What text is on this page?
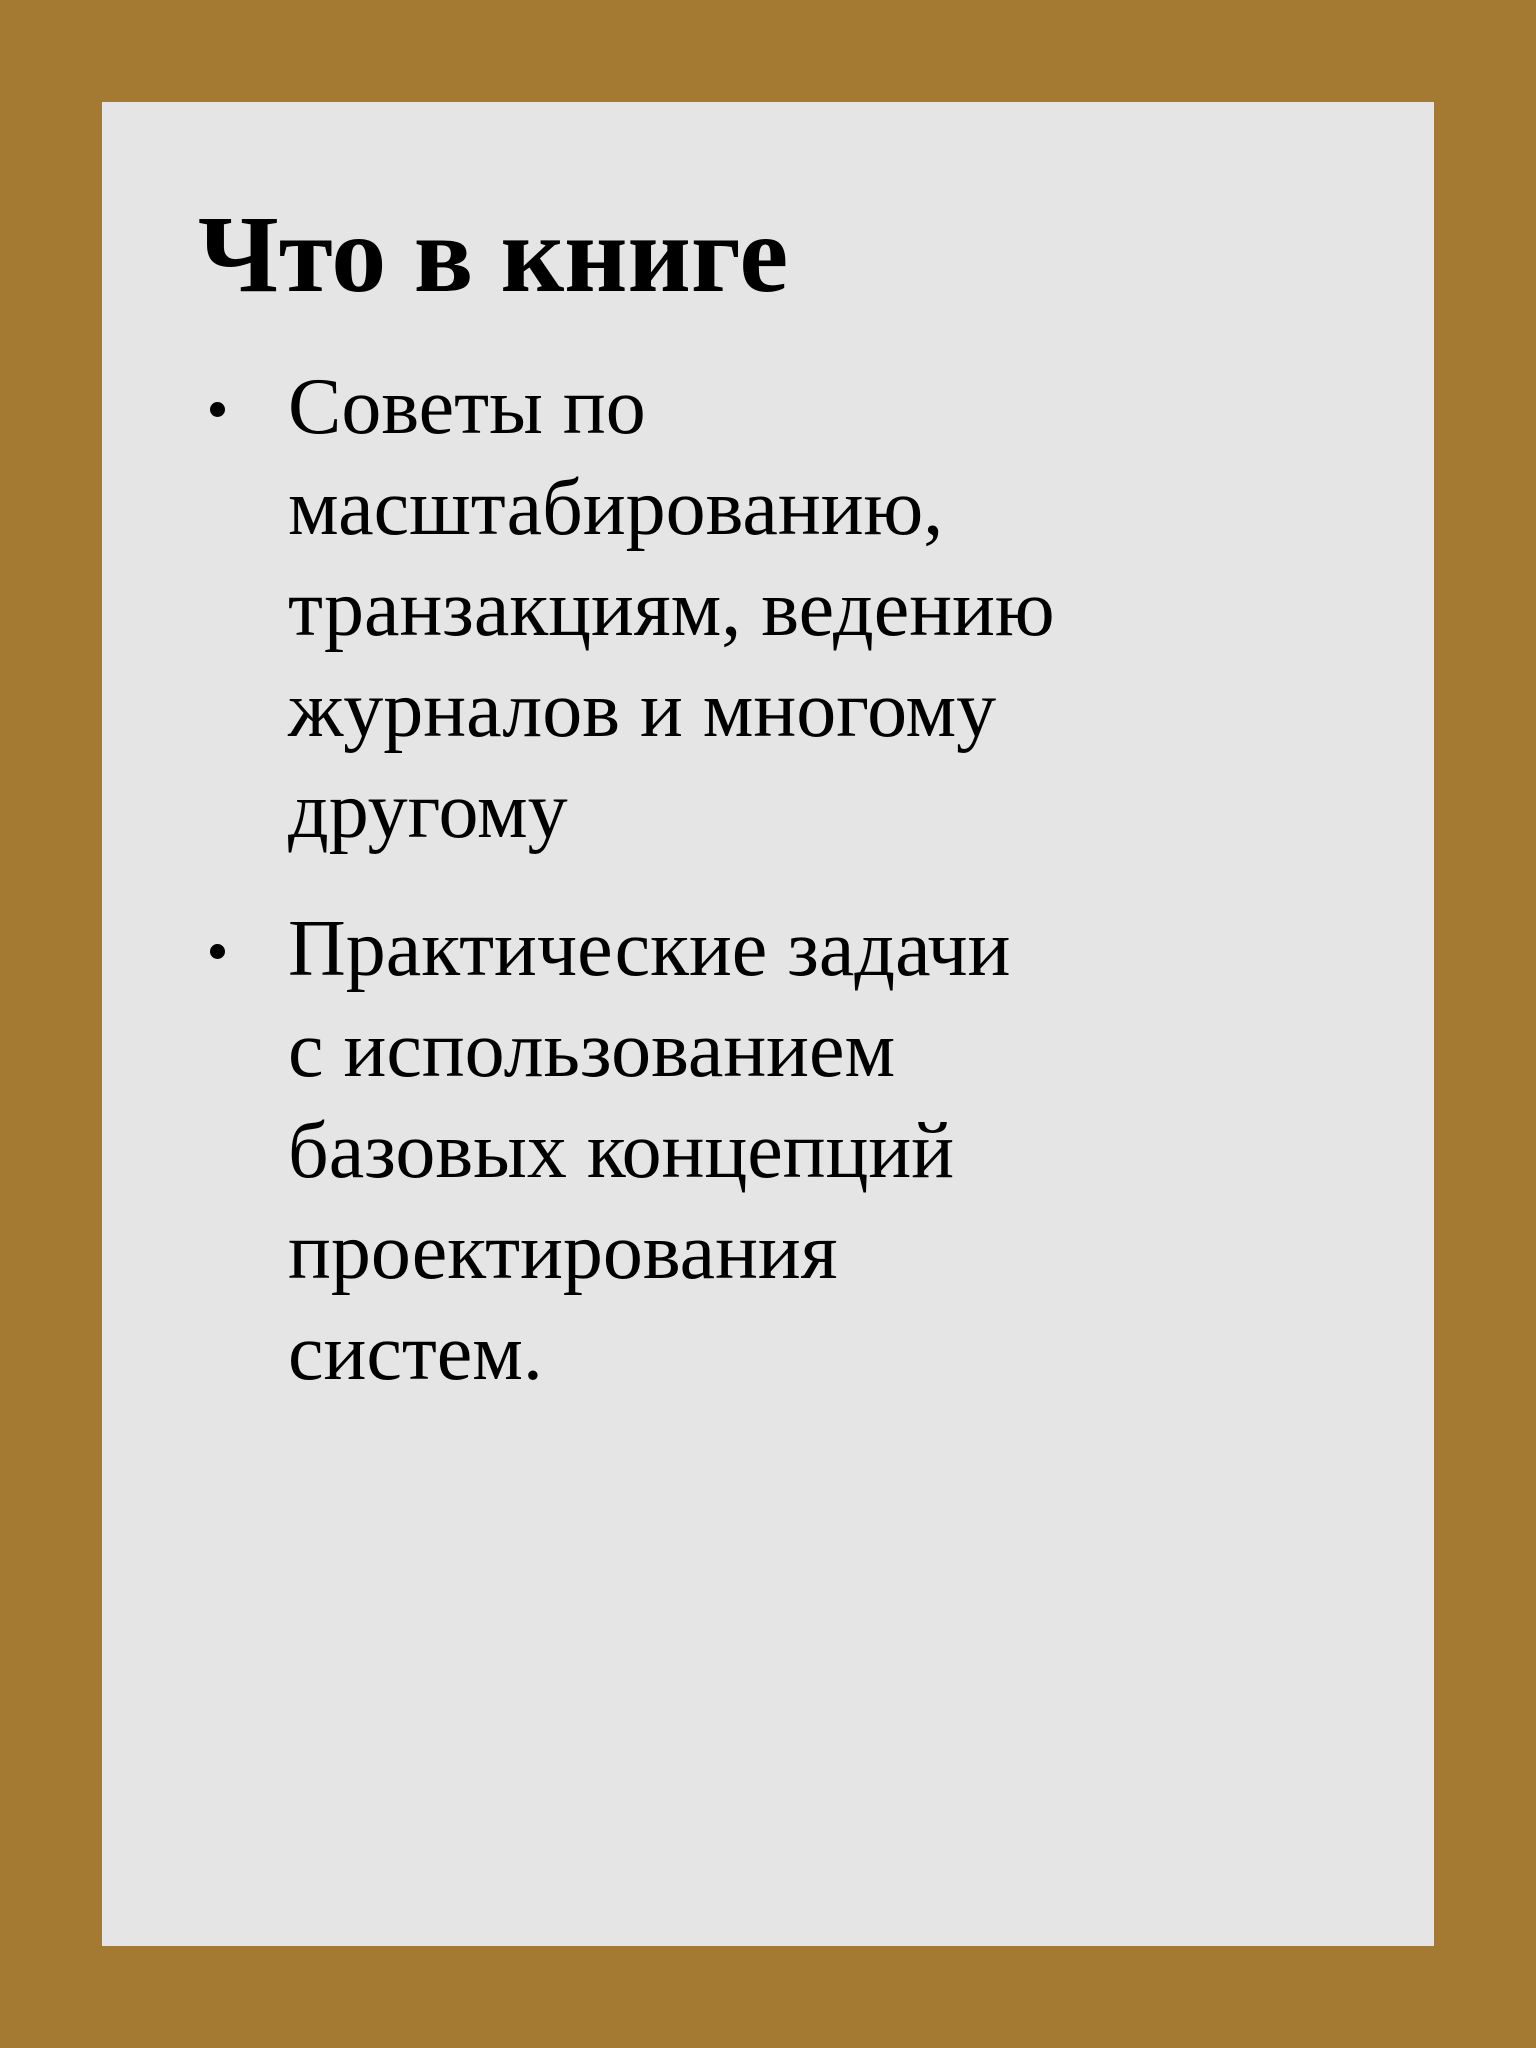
Что в книге
Советы по
масштабированию,
транзакциям, ведению
журналов и многому
другому
Практические задачи
с использованием
базовых концепций
проектирования
систем.
